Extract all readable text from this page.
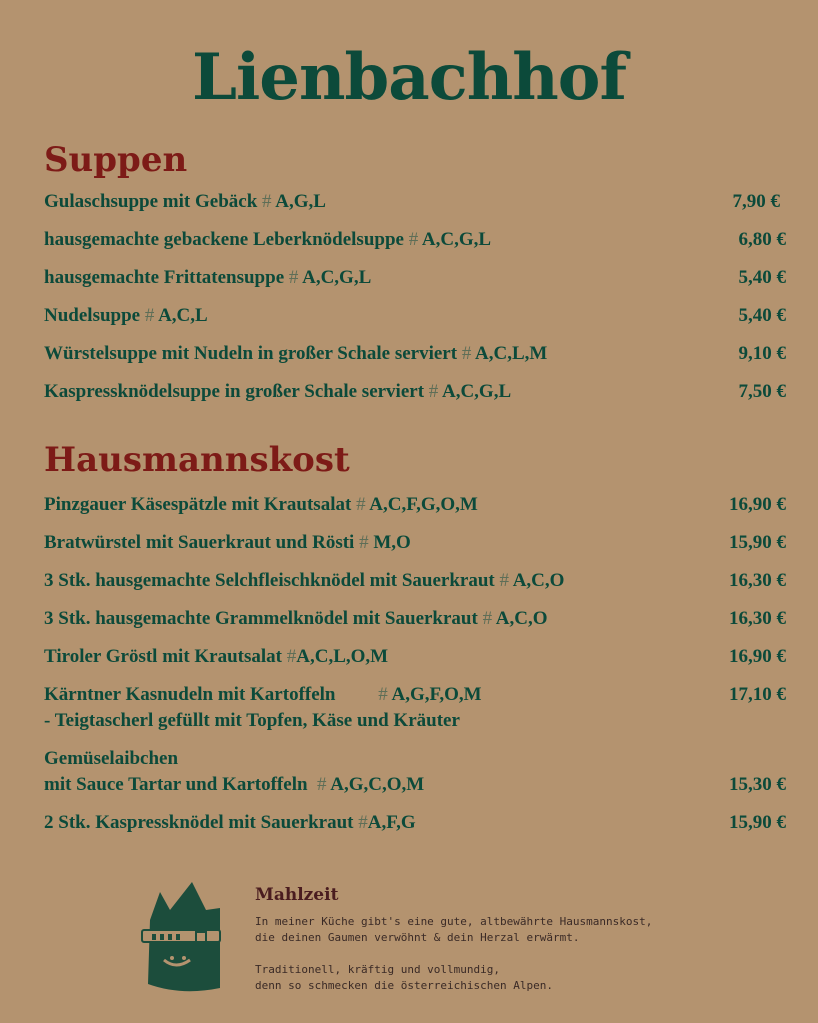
Lienbachhof
Suppen
Gulaschsuppe mit Gebäck # A,G,L	7,90 €
hausgemachte gebackene Leberknödelsuppe # A,C,G,L	6,80 €
hausgemachte Frittatensuppe # A,C,G,L	5,40 €
Nudelsuppe # A,C,L	5,40 €
Würstelsuppe mit Nudeln in großer Schale serviert # A,C,L,M	9,10 €
Kaspressknödelsuppe in großer Schale serviert # A,C,G,L	7,50 €
Hausmannskost
Pinzgauer Käsespätzle mit Krautsalat # A,C,F,G,O,M	16,90 €
Bratwürstel mit Sauerkraut und Rösti # M,O	15,90 €
3 Stk. hausgemachte Selchfleischknödel mit Sauerkraut # A,C,O	16,30 €
3 Stk. hausgemachte Grammelknödel mit Sauerkraut # A,C,O	16,30 €
Tiroler Gröstl mit Krautsalat #A,C,L,O,M	16,90 €
Kärntner Kasnudeln mit Kartoffeln # A,G,F,O,M	17,10 €
- Teigtascherl gefüllt mit Topfen, Käse und Kräuter
Gemüselaibchen
mit Sauce Tartar und Kartoffeln # A,G,C,O,M	15,30 €
2 Stk. Kaspressknödel mit Sauerkraut #A,F,G	15,90 €
Mahlzeit
In meiner Küche gibt's eine gute, altbewährte Hausmannskost,
die deinen Gaumen verwöhnt & dein Herzal erwärmt.
Traditionell, kräftig und vollmundig,
denn so schmecken die österreichischen Alpen.
